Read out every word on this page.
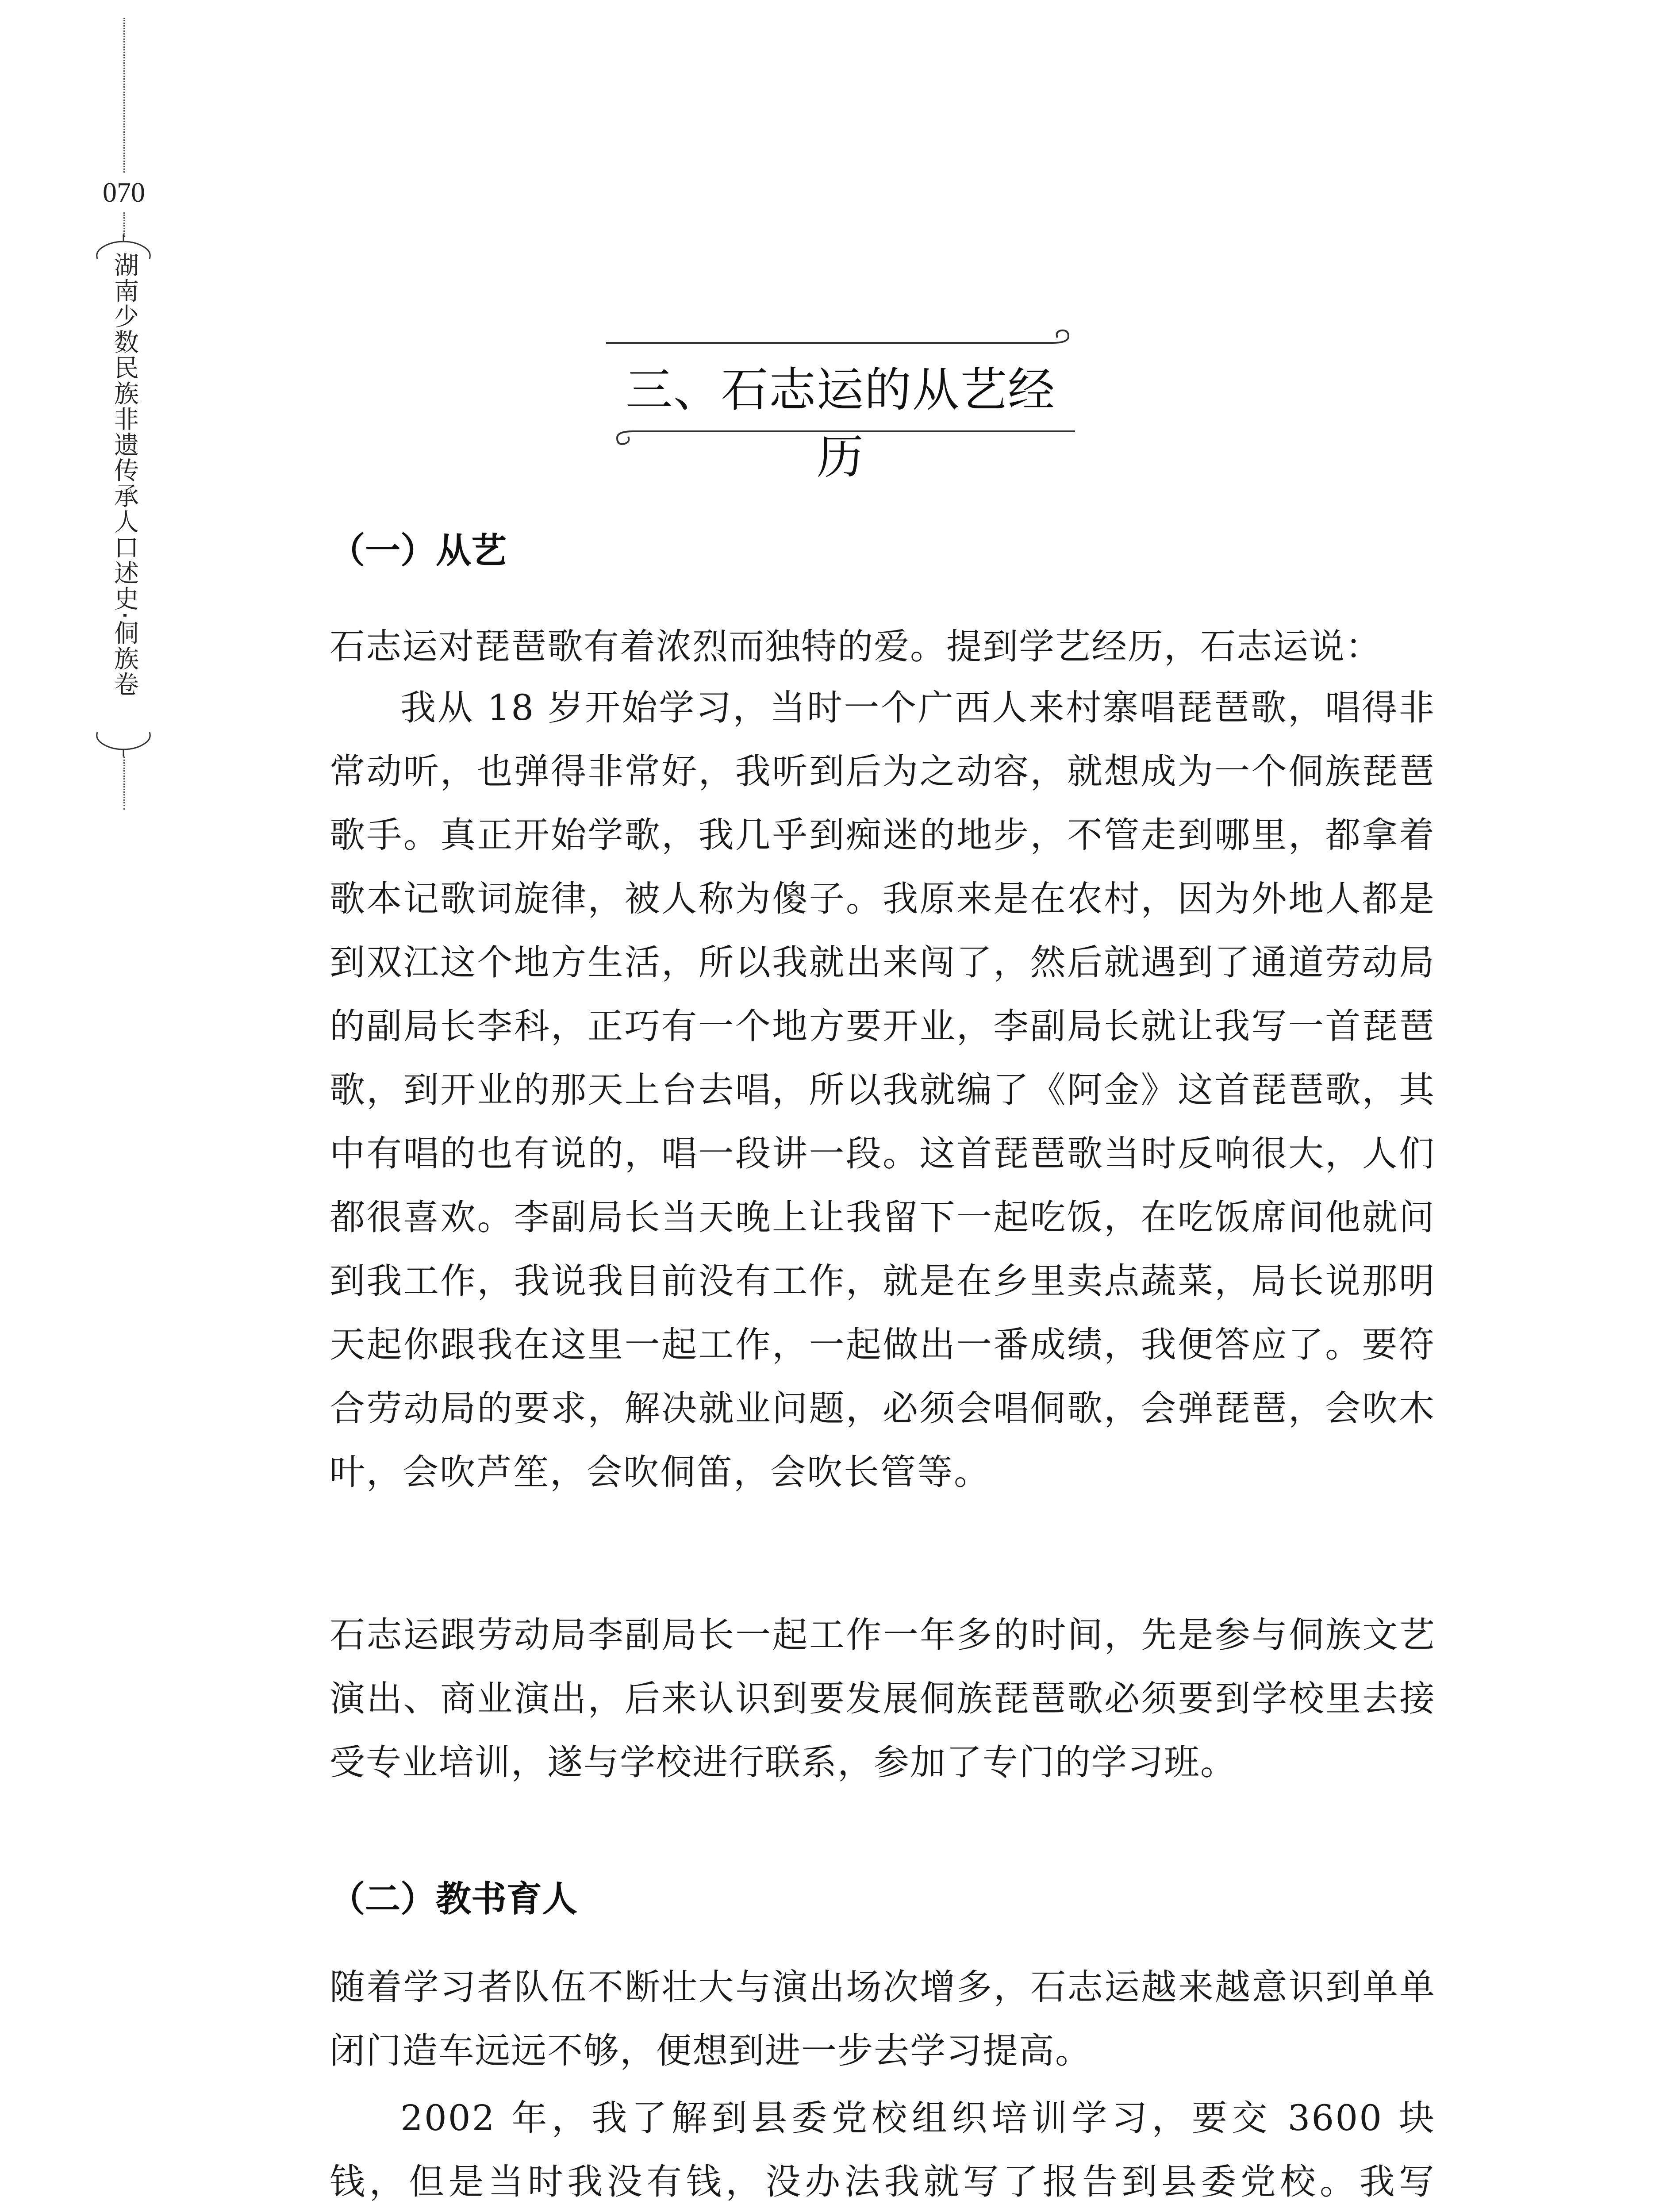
070
湖南少数民族非遗传承人口述史·侗族卷	三、石志运的从艺经历
（一）从艺

石志运对琵琶歌有着浓烈而独特的爱。提到学艺经历，石志运说：

我从 18 岁开始学习，当时一个广西人来村寨唱琵琶歌，唱得非常动听，也弹得非常好，我听到后为之动容，就想成为一个侗族琵琶歌手。真正开始学歌，我几乎到痴迷的地步，不管走到哪里，都拿着歌本记歌词旋律，被人称为傻子。我原来是在农村，因为外地人都是到双江这个地方生活，所以我就出来闯了，然后就遇到了通道劳动局的副局长李科，正巧有一个地方要开业，李副局长就让我写一首琵琶歌，到开业的那天上台去唱，所以我就编了《阿金》这首琵琶歌，其中有唱的也有说的，唱一段讲一段。这首琵琶歌当时反响很大，人们都很喜欢。李副局长当天晚上让我留下一起吃饭，在吃饭席间他就问到我工作，我说我目前没有工作，就是在乡里卖点蔬菜，局长说那明天起你跟我在这里一起工作，一起做出一番成绩，我便答应了。要符合劳动局的要求，解决就业问题，必须会唱侗歌，会弹琵琶，会吹木叶，会吹芦笙，会吹侗笛，会吹长管等。

石志运跟劳动局李副局长一起工作一年多的时间，先是参与侗族文艺演出、商业演出，后来认识到要发展侗族琵琶歌必须要到学校里去接受专业培训，遂与学校进行联系，参加了专门的学习班。

（二）教书育人

随着学习者队伍不断壮大与演出场次增多，石志运越来越意识到单单闭门造车远远不够，便想到进一步去学习提高。

2002 年，我了解到县委党校组织培训学习，要交 3600 块钱，但是当时我没有钱，没办法我就写了报告到县委党校。我写
